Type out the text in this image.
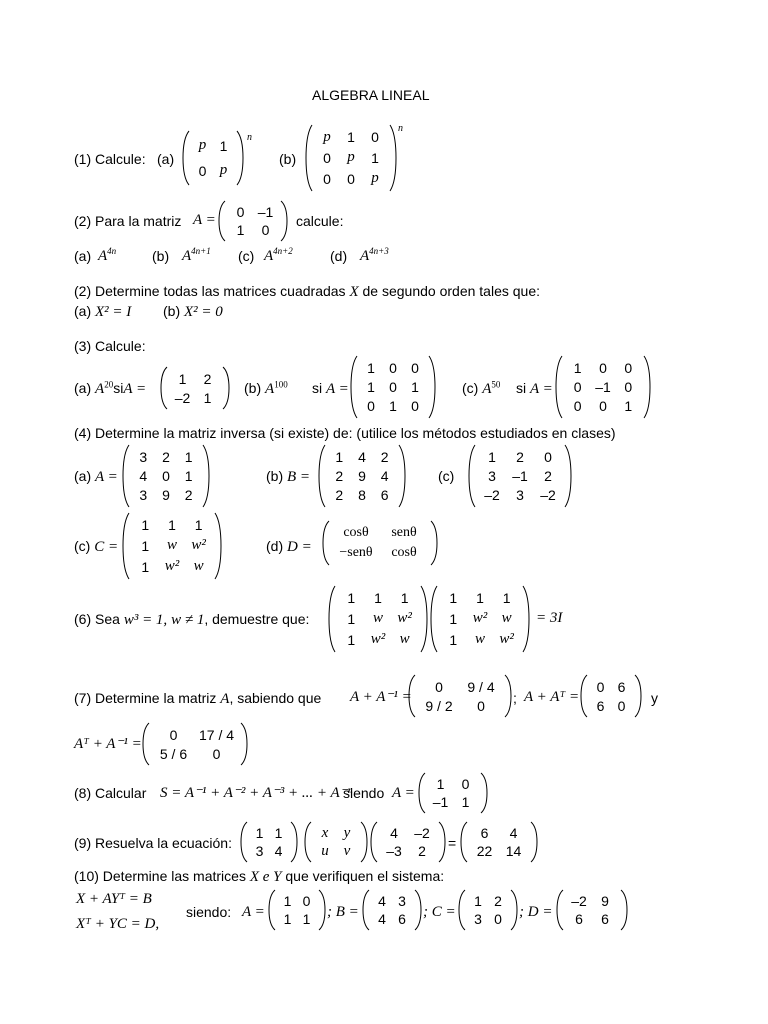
ALGEBRA LINEAL
(1) Calcule: (a)
p 1
0 p
n
(b)
p	1	0
0	p	1
0	0	p
n
(2) Para la matriz A =	0 –1
1	0
calcule:
(a) $A^{4n}$	(b) $A^{4n+1}$ (c) $A^{4n+2}$	(d) $A^{4n+3}$
(2) Determine todas las matrices cuadradas X de segundo orden tales que:
(a) X² = I (b) X² = 0
(3) Calcule:
(a) $A^{20}siA$ =
1	2
–2 1
(b) $A^{100}$ si A =
1	0	0
1	0	1
0	1	0
(c) $A^{50}$ si A =
1	0	0
0 –1 0
0	0	1
(4) Determine la matriz inversa (si existe) de: (utilice los métodos estudiados en clases)
(a) A =
3	2	1
4	0	1
3	9	2
(b) B =
1	4	2
2	9	4
2	8	6
(c)
1	2	0
3	–1	2
–2	3	–2
(c) C =
1	1	1
1	w w²
1	w² w
(d) D =
cosθ	senθ
−senθ	cosθ
(6) Sea w³ = 1, w ≠ 1, demuestre que:
1	1	1
1	w w²
1	w² w
1	1	1
1	w² w
1	w w²
= 3I
(7) Determine la matriz A, sabiendo que A + A⁻¹ =
0	9 / 4
9 / 2	0	; A + Aᵀ =
0 6
6 0	y
Aᵀ + A⁻¹ =
0	17 / 4
5 / 6	0
(8) Calcular S = A⁻¹ + A⁻² + A⁻³ + ... + A⁻ⁿ
siendo A =
1	0
–1 1
(9) Resuelva la ecuación:
1 1
3 4
x	y
u v
4	–2
–3	2	=
6	4
22 14
(10) Determine las matrices X e Y que verifiquen el sistema:
X + AYᵀ = B
Xᵀ + YC = D,
siendo: A =
1 0
1 1	; B =
4 3
4 6	; C =
1 2
3 0	; D =
–2	9
6	6
